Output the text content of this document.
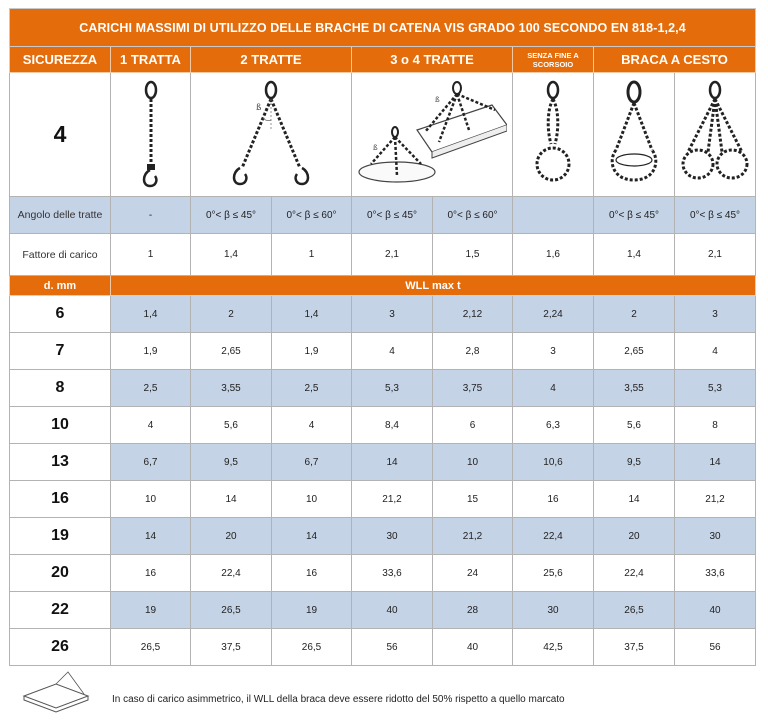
CARICHI MASSIMI DI UTILIZZO DELLE BRACHE DI CATENA VIS GRADO 100 SECONDO EN 818-1,2,4								
SICUREZZA	1 TRATTA	2 TRATTE		3 o 4 TRATTE		SENZA FINE A SCORSOIO	BRACA A CESTO	
4		ß		ß
ß

Angolo delle tratte	-	0°< β ≤ 45°	0°< β ≤ 60°	0°< β ≤ 45°	0°< β ≤ 60°		0°< β ≤ 45°	0°< β ≤ 45°
Fattore di carico	1	1,4	1	2,1	1,5	1,6	1,4	2,1
d. mm	WLL max t							
6	1,4	2	1,4	3	2,12	2,24	2	3
7	1,9	2,65	1,9	4	2,8	3	2,65	4
8	2,5	3,55	2,5	5,3	3,75	4	3,55	5,3
10	4	5,6	4	8,4	6	6,3	5,6	8
13	6,7	9,5	6,7	14	10	10,6	9,5	14
16	10	14	10	21,2	15	16	14	21,2
19	14	20	14	30	21,2	22,4	20	30
20	16	22,4	16	33,6	24	25,6	22,4	33,6
22	19	26,5	19	40	28	30	26,5	40
26	26,5	37,5	26,5	56	40	42,5	37,5	56
In caso di carico asimmetrico, il WLL della braca deve essere ridotto del 50% rispetto a quello marcato
